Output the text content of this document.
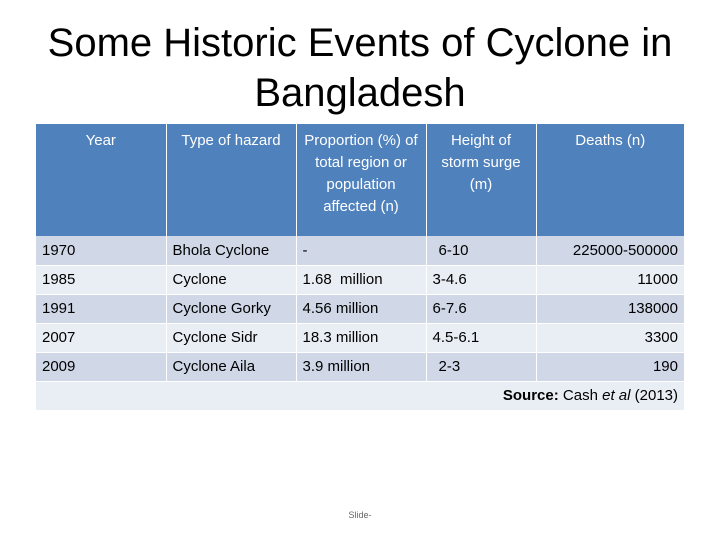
Some Historic Events of Cyclone in Bangladesh
Year	Type of hazard	Proportion (%) of total region or population affected (n)	Height of storm surge (m)	Deaths (n)
1970	Bhola Cyclone	-	6-10	225000-500000
1985	Cyclone	1.68  million	3-4.6	11000
1991	Cyclone Gorky	4.56 million	6-7.6	138000
2007	Cyclone Sidr	18.3 million	4.5-6.1	3300
2009	Cyclone Aila	3.9 million	2-3	190
Source: Cash et al (2013)				
Slide-
